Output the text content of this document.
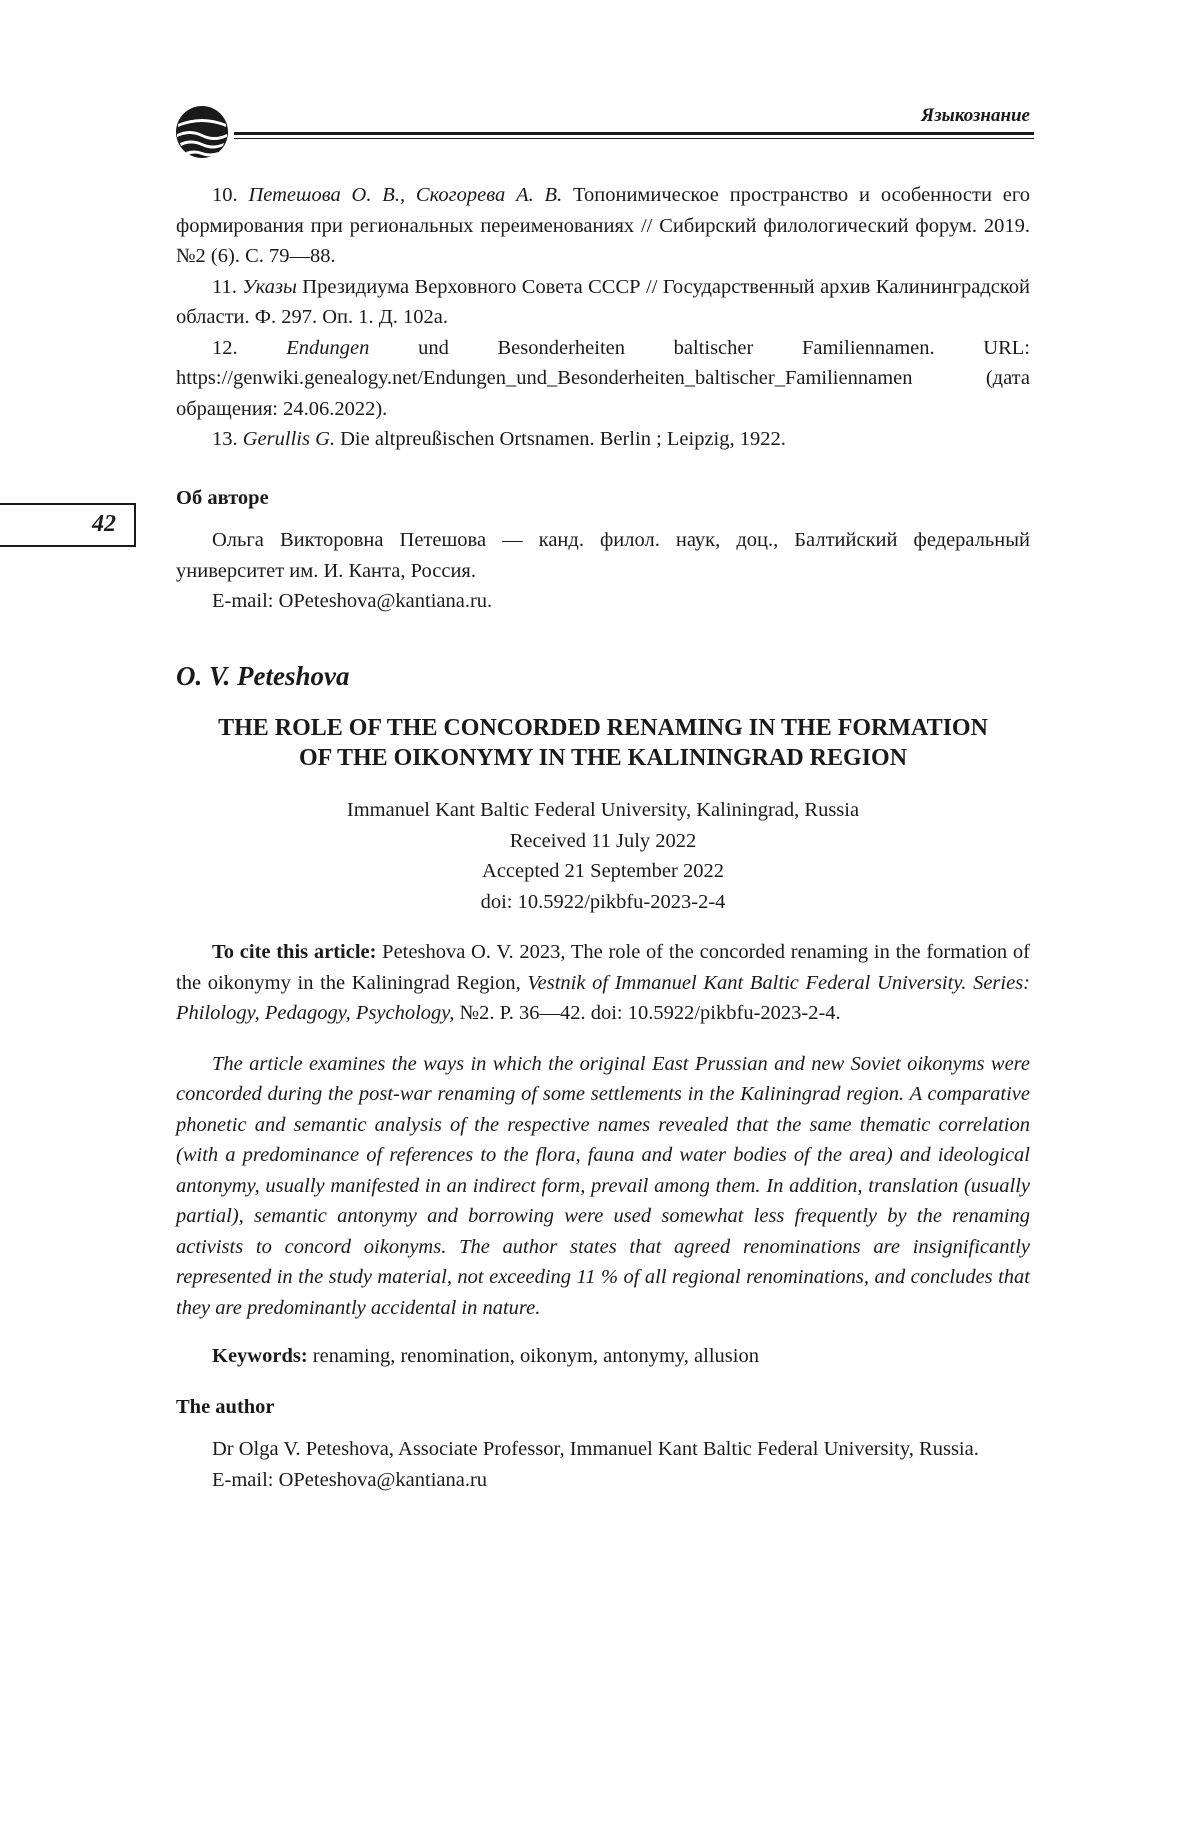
Языкознание
42

10. Петешова О. В., Скогорева А. В. Топонимическое пространство и особенности его формирования при региональных переименованиях // Сибирский филологический форум. 2019. №2 (6). С. 79—88.

11. Указы Президиума Верховного Совета СССР // Государственный архив Калининградской области. Ф. 297. Оп. 1. Д. 102а.

12. Endungen und Besonderheiten baltischer Familiennamen. URL: https://genwiki.genealogy.net/Endungen_und_Besonderheiten_baltischer_Familiennamen (дата обращения: 24.06.2022).

13. Gerullis G. Die altpreußischen Ortsnamen. Berlin ; Leipzig, 1922.

Об авторе

Ольга Викторовна Петешова — канд. филол. наук, доц., Балтийский федеральный университет им. И. Канта, Россия.

E-mail: OPeteshova@kantiana.ru.

O. V. Peteshova

THE ROLE OF THE CONCORDED RENAMING IN THE FORMATION
OF THE OIKONYMY IN THE KALININGRAD REGION

Immanuel Kant Baltic Federal University, Kaliningrad, Russia

Received 11 July 2022

Accepted 21 September 2022

doi: 10.5922/pikbfu-2023-2-4

To cite this article: Peteshova O. V. 2023, The role of the concorded renaming in the formation of the oikonymy in the Kaliningrad Region, Vestnik of Immanuel Kant Baltic Federal University. Series: Philology, Pedagogy, Psychology, №2. P. 36—42. doi: 10.5922/pikbfu-2023-2-4.

The article examines the ways in which the original East Prussian and new Soviet oikonyms were concorded during the post-war renaming of some settlements in the Kaliningrad region. A comparative phonetic and semantic analysis of the respective names revealed that the same thematic correlation (with a predominance of references to the flora, fauna and water bodies of the area) and ideological antonymy, usually manifested in an indirect form, prevail among them. In addition, translation (usually partial), semantic antonymy and borrowing were used somewhat less frequently by the renaming activists to concord oikonyms. The author states that agreed renominations are insignificantly represented in the study material, not exceeding 11 % of all regional renominations, and concludes that they are predominantly accidental in nature.

Keywords: renaming, renomination, oikonym, antonymy, allusion

The author

Dr Olga V. Peteshova, Associate Professor, Immanuel Kant Baltic Federal University, Russia.

E-mail: OPeteshova@kantiana.ru
